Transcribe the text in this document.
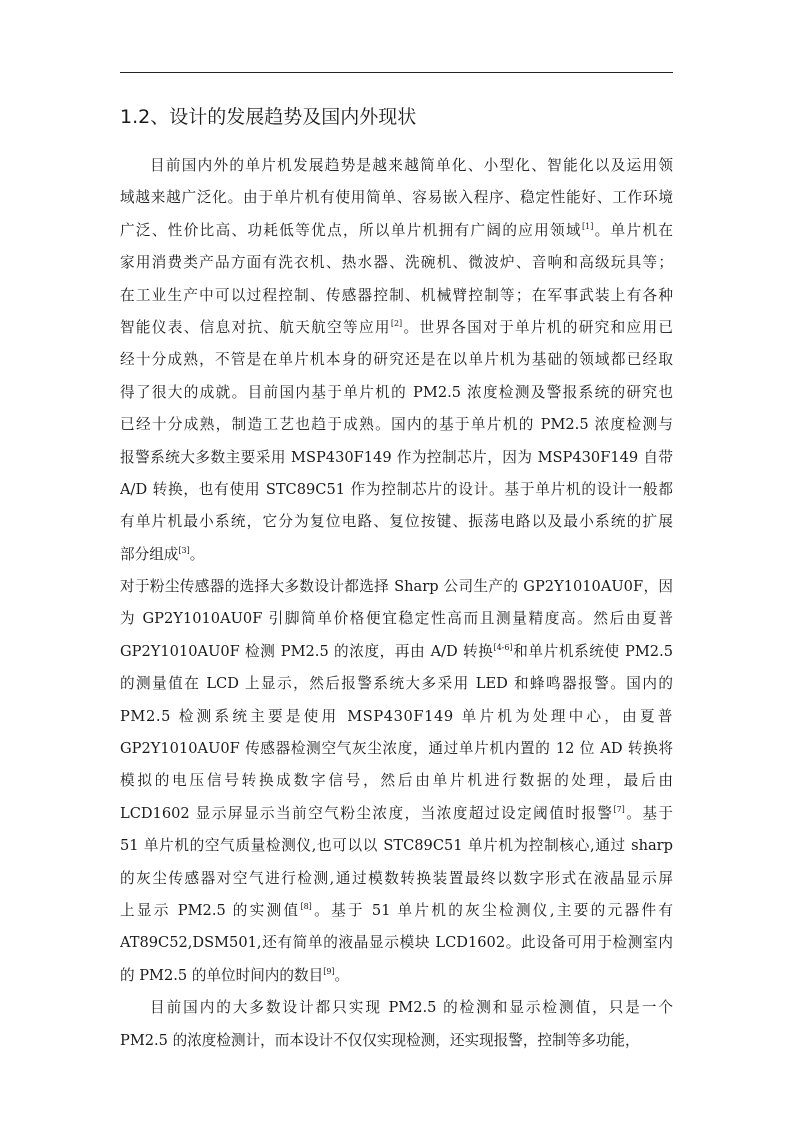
1.2、设计的发展趋势及国内外现状
目前国内外的单片机发展趋势是越来越简单化、小型化、智能化以及运用领
域越来越广泛化。由于单片机有使用简单、容易嵌入程序、稳定性能好、工作环境
广泛、性价比高、功耗低等优点，所以单片机拥有广阔的应用领域[1]。单片机在
家用消费类产品方面有洗衣机、热水器、洗碗机、微波炉、音响和高级玩具等；
在工业生产中可以过程控制、传感器控制、机械臂控制等；在军事武装上有各种
智能仪表、信息对抗、航天航空等应用[2]。世界各国对于单片机的研究和应用已
经十分成熟，不管是在单片机本身的研究还是在以单片机为基础的领域都已经取
得了很大的成就。目前国内基于单片机的 PM2.5 浓度检测及警报系统的研究也
已经十分成熟，制造工艺也趋于成熟。国内的基于单片机的 PM2.5 浓度检测与
报警系统大多数主要采用 MSP430F149 作为控制芯片，因为 MSP430F149 自带
A/D 转换，也有使用 STC89C51 作为控制芯片的设计。基于单片机的设计一般都
有单片机最小系统，它分为复位电路、复位按键、振荡电路以及最小系统的扩展
部分组成[3]。
对于粉尘传感器的选择大多数设计都选择 Sharp 公司生产的 GP2Y1010AU0F，因
为 GP2Y1010AU0F 引脚简单价格便宜稳定性高而且测量精度高。然后由夏普
GP2Y1010AU0F 检测 PM2.5 的浓度，再由 A/D 转换[4-6]和单片机系统使 PM2.5
的测量值在 LCD 上显示，然后报警系统大多采用 LED 和蜂鸣器报警。国内的
PM2.5 检测系统主要是使用 MSP430F149 单片机为处理中心，由夏普
GP2Y1010AU0F 传感器检测空气灰尘浓度，通过单片机内置的 12 位 AD 转换将
模拟的电压信号转换成数字信号，然后由单片机进行数据的处理，最后由
LCD1602 显示屏显示当前空气粉尘浓度，当浓度超过设定阈值时报警[7]。基于
51 单片机的空气质量检测仪,也可以以 STC89C51 单片机为控制核心,通过 sharp
的灰尘传感器对空气进行检测,通过模数转换装置最终以数字形式在液晶显示屏
上显示 PM2.5 的实测值[8]。基于 51 单片机的灰尘检测仪,主要的元器件有
AT89C52,DSM501,还有简单的液晶显示模块 LCD1602。此设备可用于检测室内
的 PM2.5 的单位时间内的数目[9]。
目前国内的大多数设计都只实现 PM2.5 的检测和显示检测值，只是一个
PM2.5 的浓度检测计，而本设计不仅仅实现检测，还实现报警，控制等多功能，
